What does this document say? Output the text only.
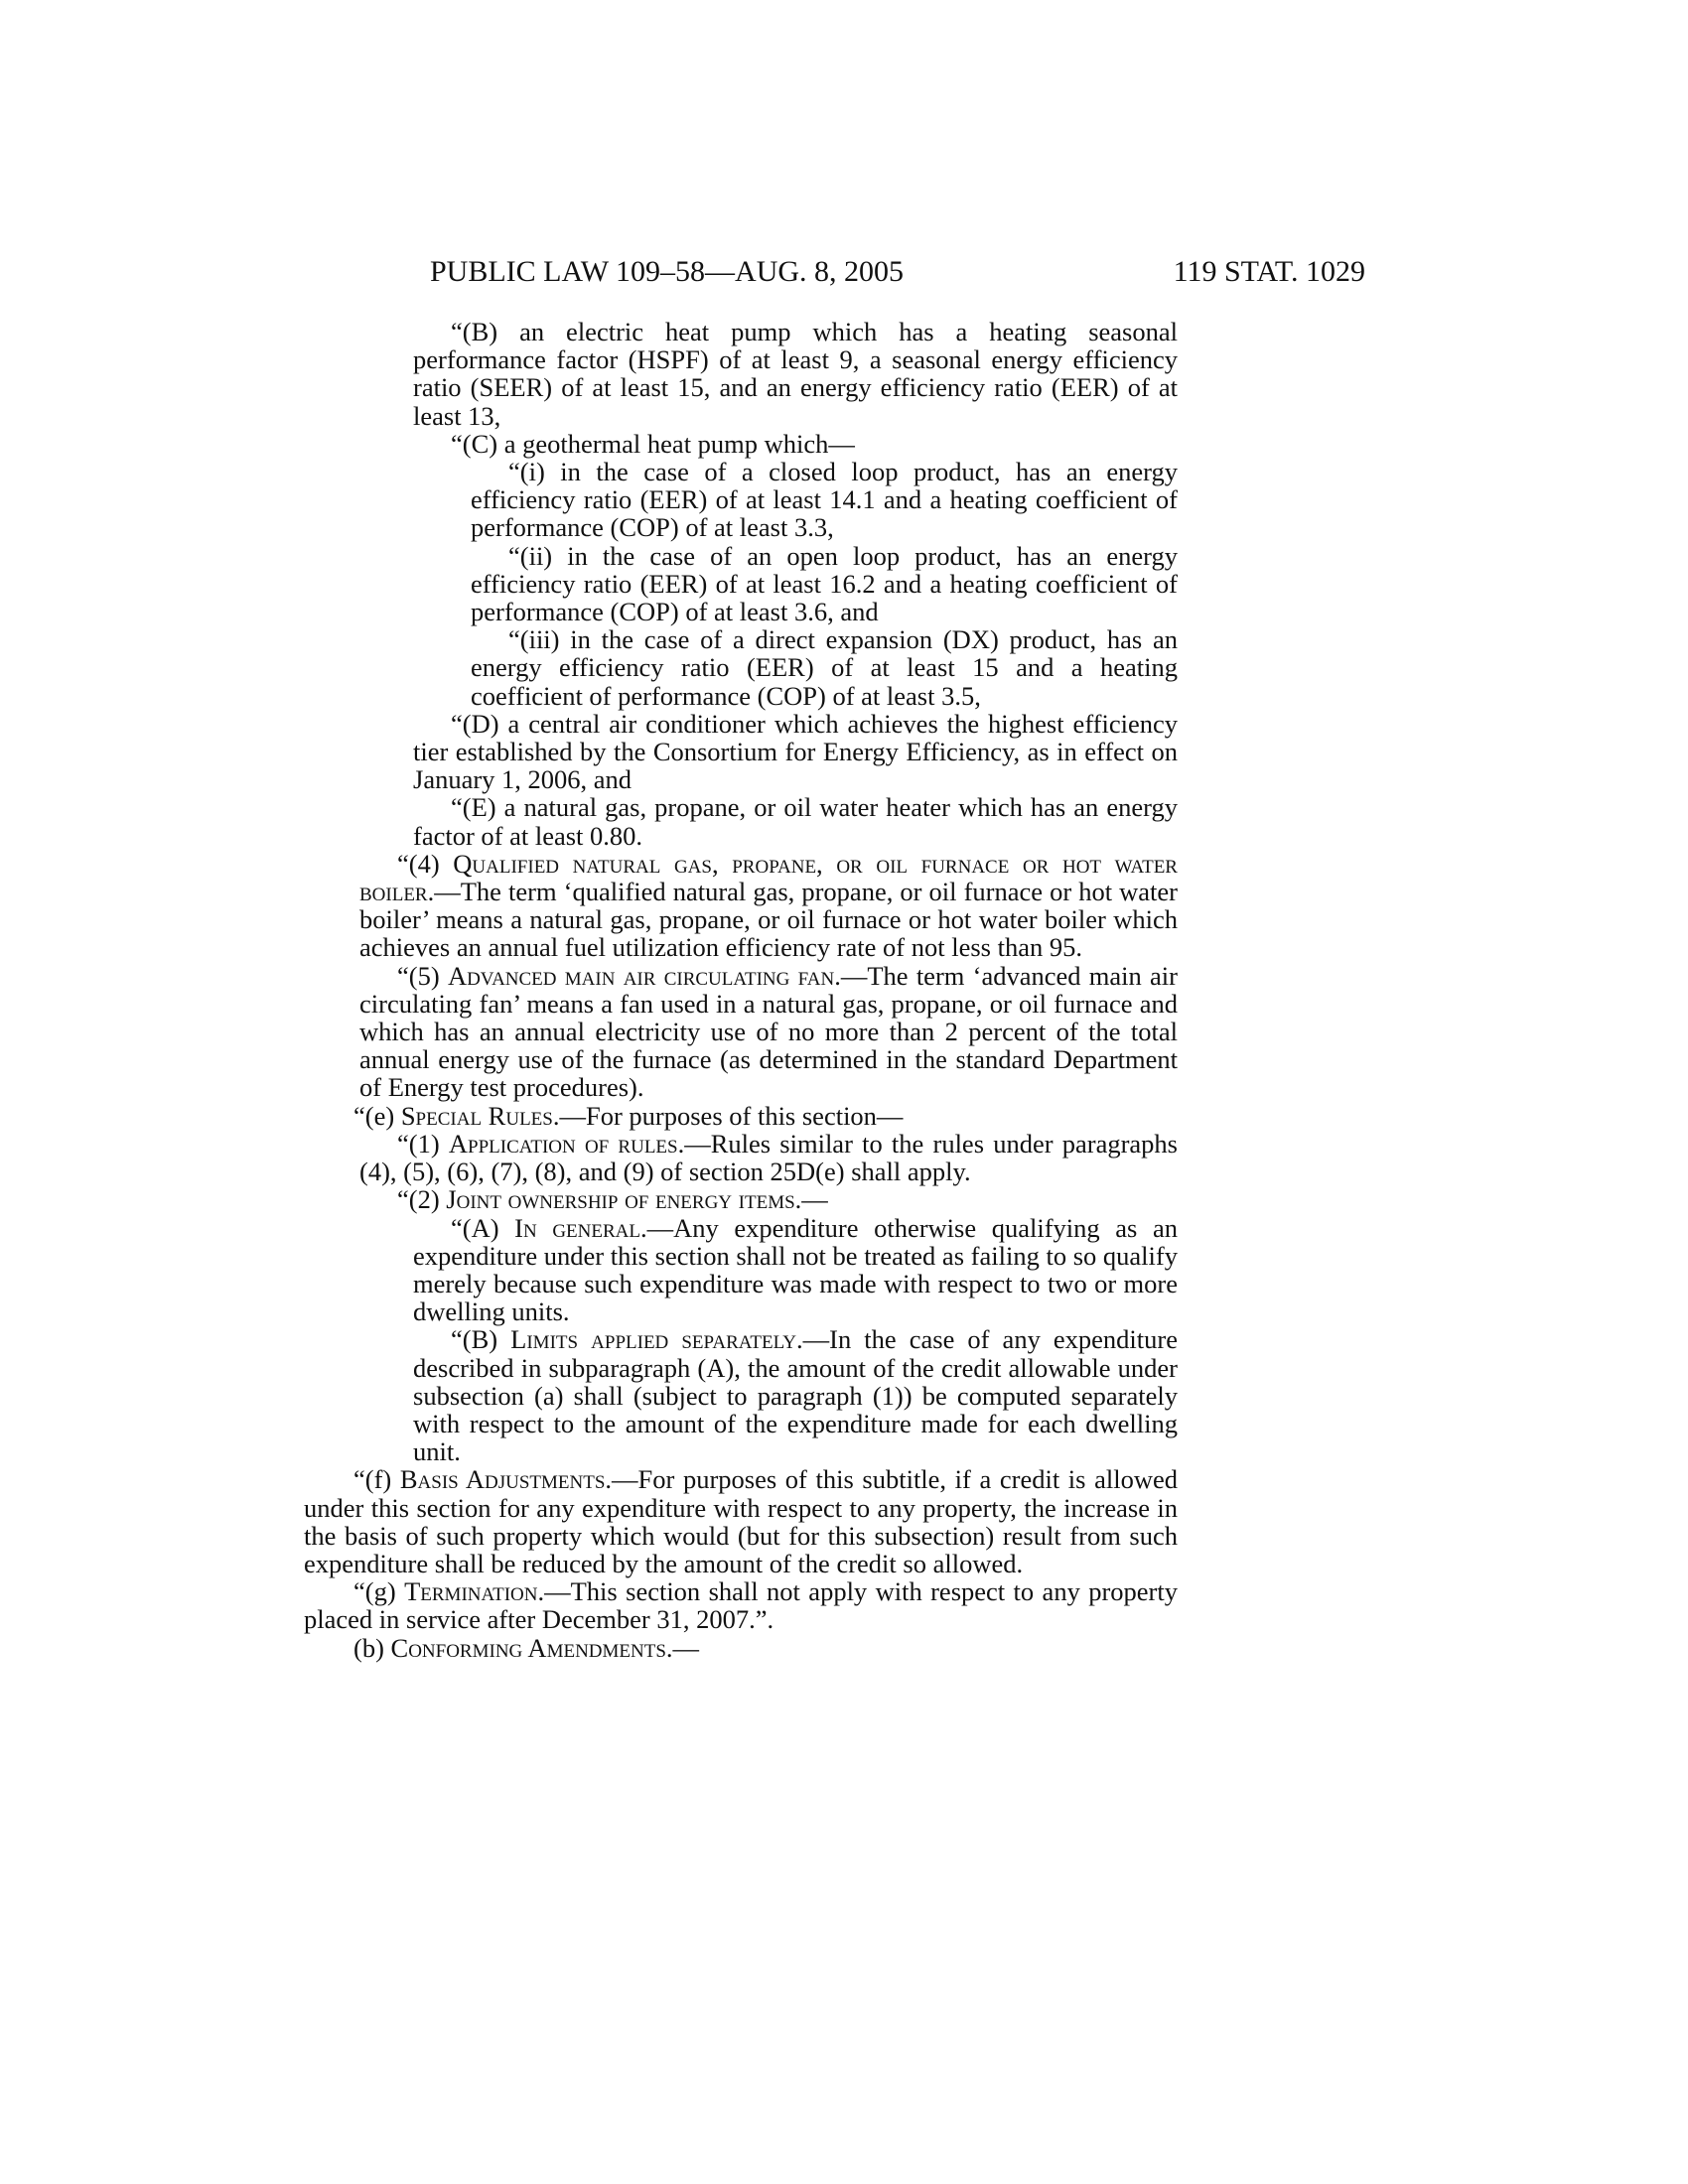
PUBLIC LAW 109–58—AUG. 8, 2005	119 STAT. 1029

“(B) an electric heat pump which has a heating seasonal performance factor (HSPF) of at least 9, a seasonal energy efficiency ratio (SEER) of at least 15, and an energy efficiency ratio (EER) of at least 13,

“(C) a geothermal heat pump which—

“(i) in the case of a closed loop product, has an energy efficiency ratio (EER) of at least 14.1 and a heating coefficient of performance (COP) of at least 3.3,

“(ii) in the case of an open loop product, has an energy efficiency ratio (EER) of at least 16.2 and a heating coefficient of performance (COP) of at least 3.6, and

“(iii) in the case of a direct expansion (DX) product, has an energy efficiency ratio (EER) of at least 15 and a heating coefficient of performance (COP) of at least 3.5,

“(D) a central air conditioner which achieves the highest efficiency tier established by the Consortium for Energy Efficiency, as in effect on January 1, 2006, and

“(E) a natural gas, propane, or oil water heater which has an energy factor of at least 0.80.

“(4) Qualified natural gas, propane, or oil furnace or hot water boiler.—The term ‘qualified natural gas, propane, or oil furnace or hot water boiler’ means a natural gas, propane, or oil furnace or hot water boiler which achieves an annual fuel utilization efficiency rate of not less than 95.

“(5) Advanced main air circulating fan.—The term ‘advanced main air circulating fan’ means a fan used in a natural gas, propane, or oil furnace and which has an annual electricity use of no more than 2 percent of the total annual energy use of the furnace (as determined in the standard Department of Energy test procedures).

“(e) Special Rules.—For purposes of this section—

“(1) Application of rules.—Rules similar to the rules under paragraphs (4), (5), (6), (7), (8), and (9) of section 25D(e) shall apply.

“(2) Joint ownership of energy items.—

“(A) In general.—Any expenditure otherwise qualifying as an expenditure under this section shall not be treated as failing to so qualify merely because such expenditure was made with respect to two or more dwelling units.

“(B) Limits applied separately.—In the case of any expenditure described in subparagraph (A), the amount of the credit allowable under subsection (a) shall (subject to paragraph (1)) be computed separately with respect to the amount of the expenditure made for each dwelling unit.

“(f) Basis Adjustments.—For purposes of this subtitle, if a credit is allowed under this section for any expenditure with respect to any property, the increase in the basis of such property which would (but for this subsection) result from such expenditure shall be reduced by the amount of the credit so allowed.

“(g) Termination.—This section shall not apply with respect to any property placed in service after December 31, 2007.”.

(b) Conforming Amendments.—
